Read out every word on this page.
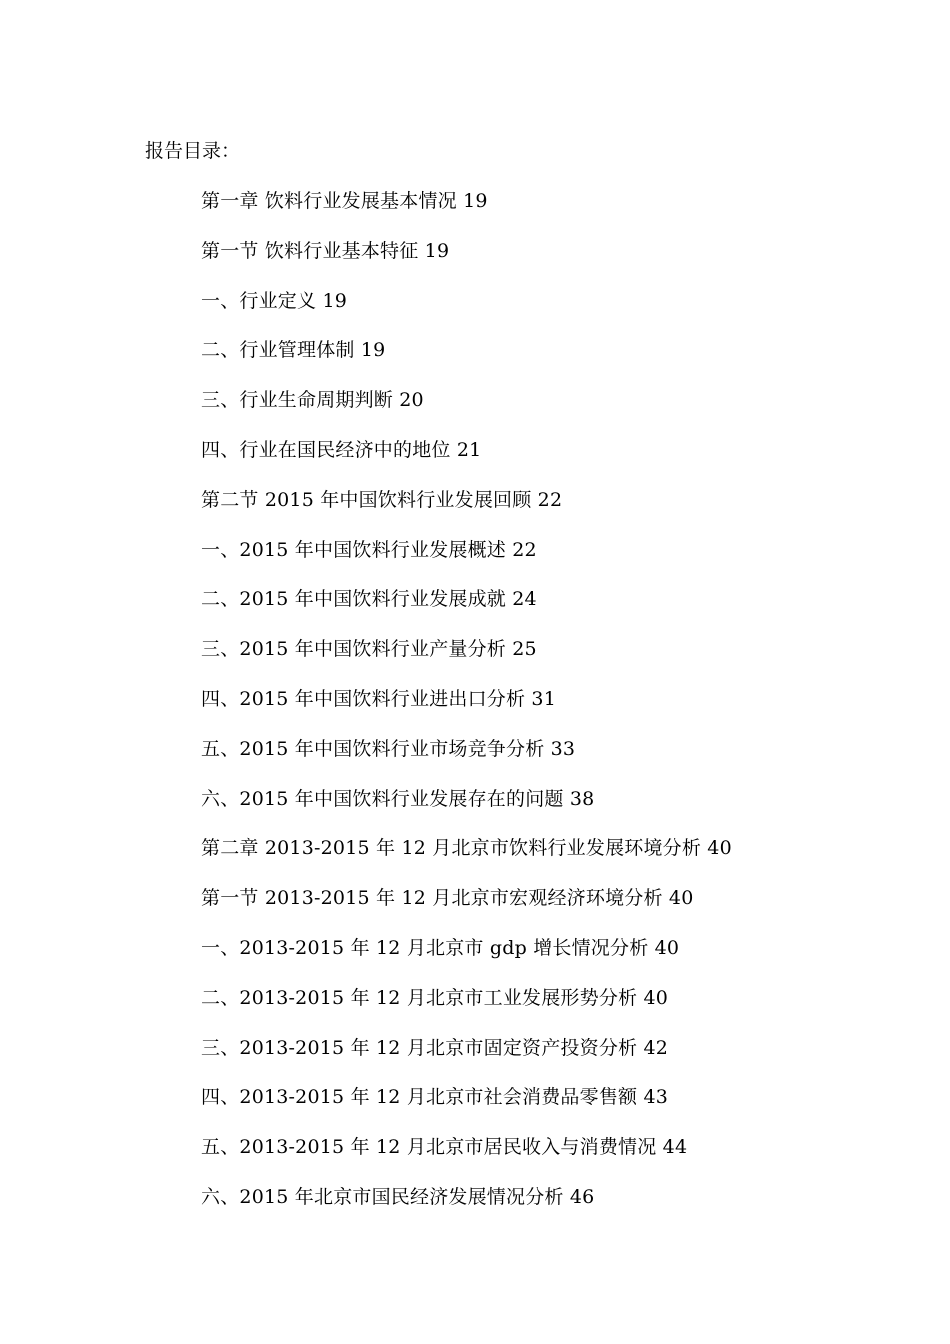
报告目录：
第一章 饮料行业发展基本情况 19
第一节 饮料行业基本特征 19
一、行业定义 19
二、行业管理体制 19
三、行业生命周期判断 20
四、行业在国民经济中的地位 21
第二节 2015 年中国饮料行业发展回顾 22
一、2015 年中国饮料行业发展概述 22
二、2015 年中国饮料行业发展成就 24
三、2015 年中国饮料行业产量分析 25
四、2015 年中国饮料行业进出口分析 31
五、2015 年中国饮料行业市场竞争分析 33
六、2015 年中国饮料行业发展存在的问题 38
第二章 2013-2015 年 12 月北京市饮料行业发展环境分析 40
第一节 2013-2015 年 12 月北京市宏观经济环境分析 40
一、2013-2015 年 12 月北京市 gdp 增长情况分析 40
二、2013-2015 年 12 月北京市工业发展形势分析 40
三、2013-2015 年 12 月北京市固定资产投资分析 42
四、2013-2015 年 12 月北京市社会消费品零售额 43
五、2013-2015 年 12 月北京市居民收入与消费情况 44
六、2015 年北京市国民经济发展情况分析 46
